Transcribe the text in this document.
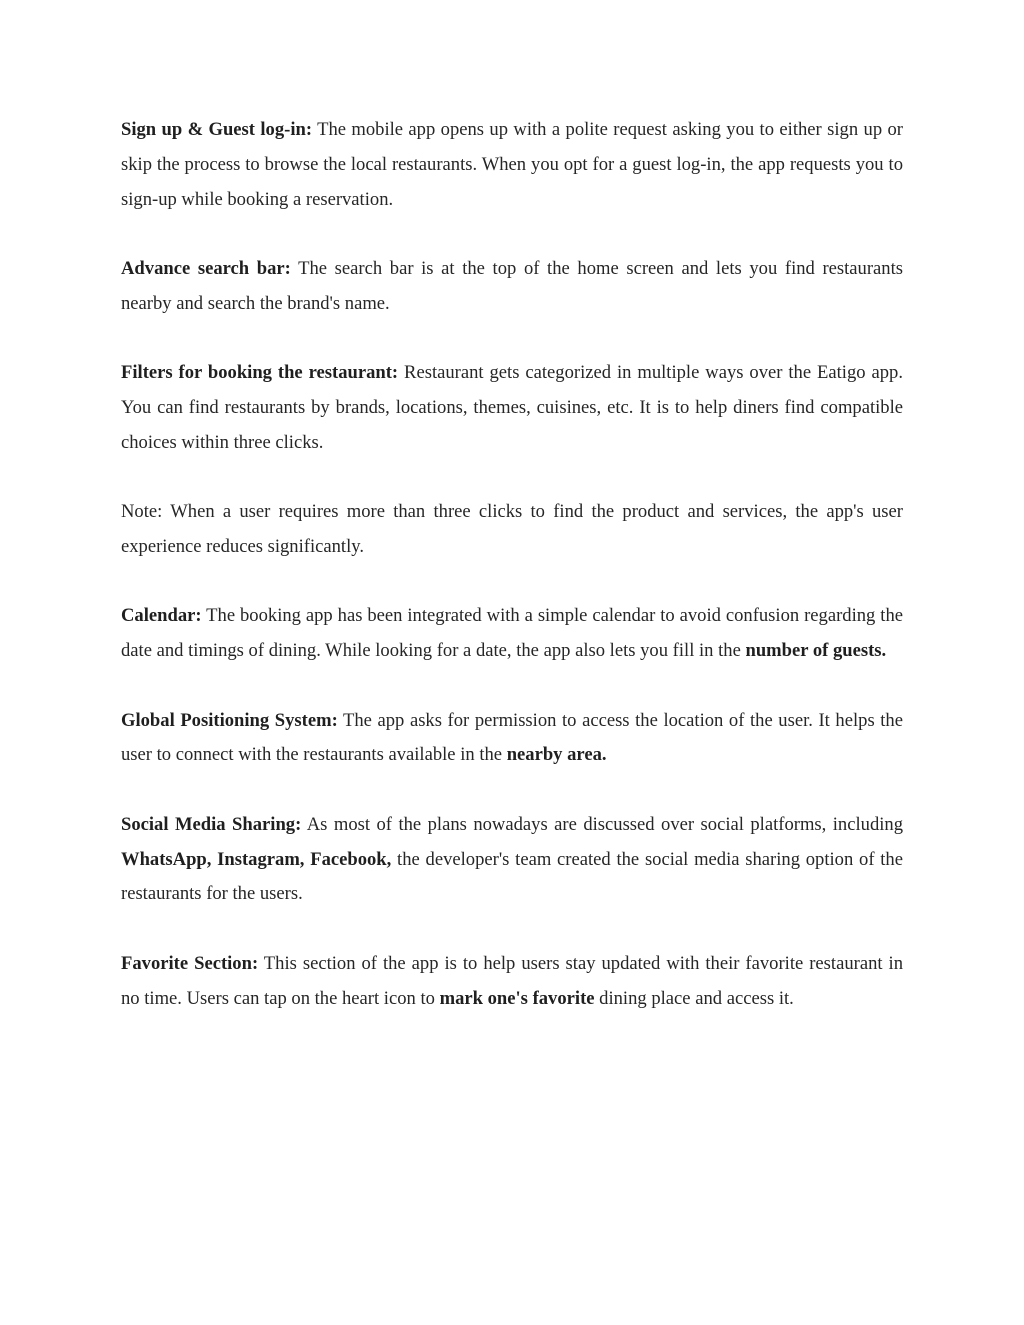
Sign up & Guest log-in: The mobile app opens up with a polite request asking you to either sign up or skip the process to browse the local restaurants. When you opt for a guest log-in, the app requests you to sign-up while booking a reservation.

Advance search bar: The search bar is at the top of the home screen and lets you find restaurants nearby and search the brand's name.

Filters for booking the restaurant: Restaurant gets categorized in multiple ways over the Eatigo app. You can find restaurants by brands, locations, themes, cuisines, etc. It is to help diners find compatible choices within three clicks.

Note: When a user requires more than three clicks to find the product and services, the app's user experience reduces significantly.

Calendar: The booking app has been integrated with a simple calendar to avoid confusion regarding the date and timings of dining. While looking for a date, the app also lets you fill in the number of guests.

Global Positioning System: The app asks for permission to access the location of the user. It helps the user to connect with the restaurants available in the nearby area.

Social Media Sharing: As most of the plans nowadays are discussed over social platforms, including WhatsApp, Instagram, Facebook, the developer's team created the social media sharing option of the restaurants for the users.

Favorite Section: This section of the app is to help users stay updated with their favorite restaurant in no time. Users can tap on the heart icon to mark one's favorite dining place and access it.
